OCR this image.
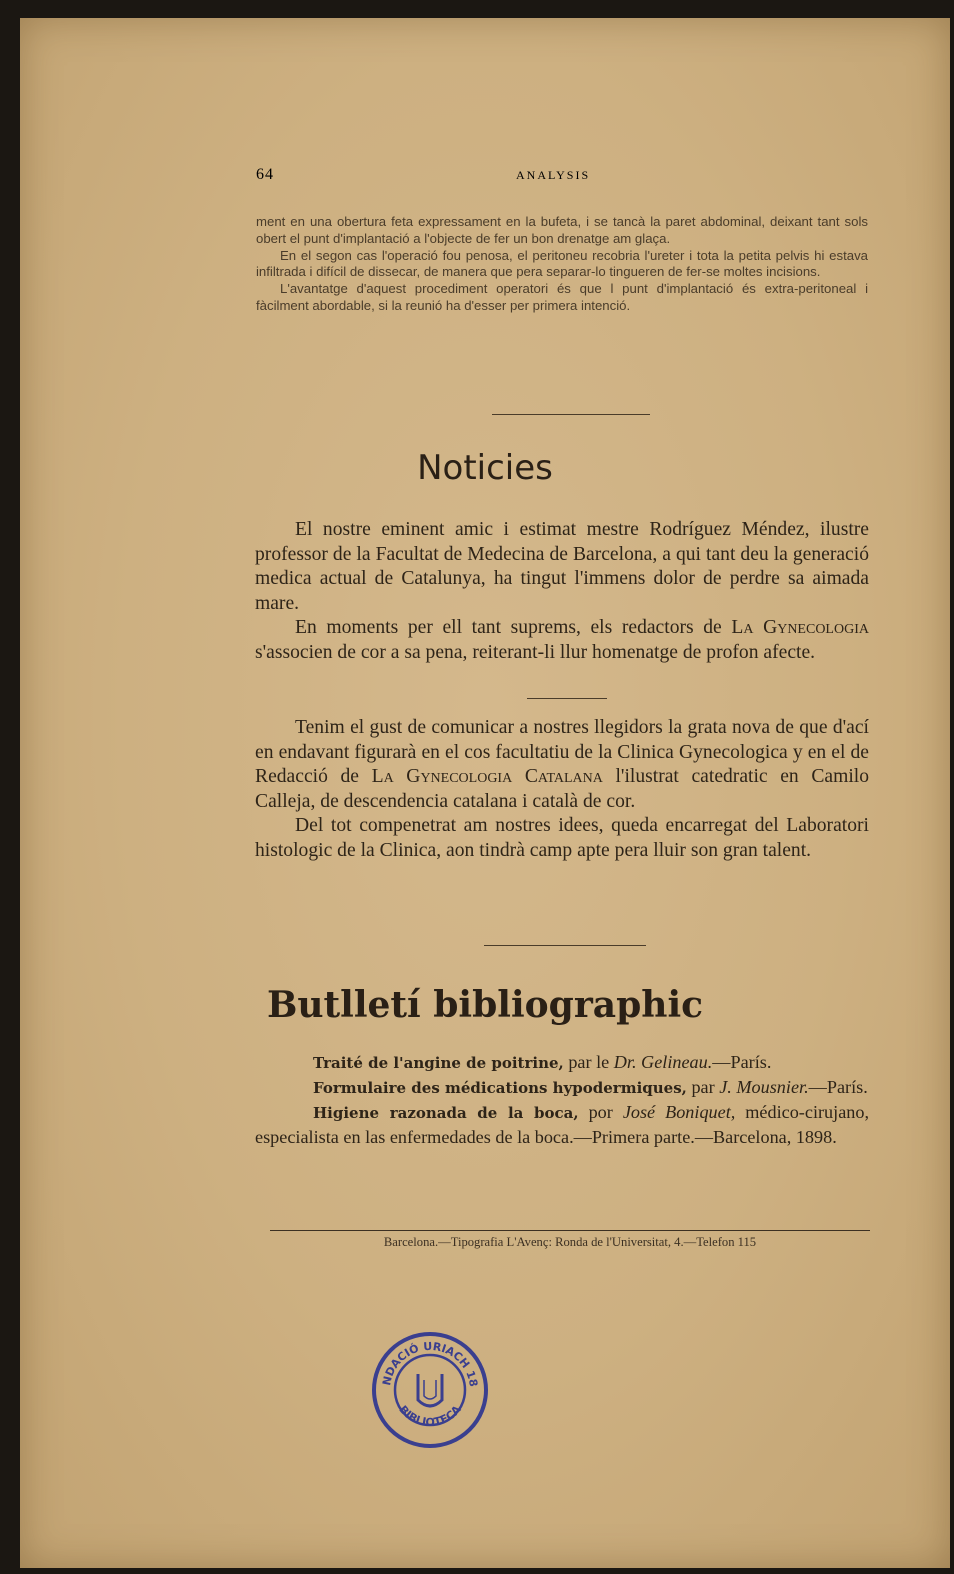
64	ANALYSIS

ment en una obertura feta expressament en la bufeta, i se tancà la paret abdominal, deixant tant sols obert el punt d'implantació a l'objecte de fer un bon drenatge am glaça.

En el segon cas l'operació fou penosa, el peritoneu recobria l'ureter i tota la petita pelvis hi estava infiltrada i difícil de dissecar, de manera que pera separar-lo tingueren de fer-se moltes incisions.

L'avantatge d'aquest procediment operatori és que l punt d'implantació és extra-peritoneal i fàcilment abordable, si la reunió ha d'esser per primera intenció.

Noticies

El nostre eminent amic i estimat mestre Rodríguez Méndez, ilustre professor de la Facultat de Medecina de Barcelona, a qui tant deu la generació medica actual de Catalunya, ha tingut l'immens dolor de perdre sa aimada mare.

En moments per ell tant suprems, els redactors de La Gynecologia s'associen de cor a sa pena, reiterant-li llur homenatge de profon afecte.

Tenim el gust de comunicar a nostres llegidors la grata nova de que d'ací en endavant figurarà en el cos facultatiu de la Clinica Gynecologica y en el de Redacció de La Gynecologia Catalana l'ilustrat catedratic en Camilo Calleja, de descendencia catalana i català de cor.

Del tot compenetrat am nostres idees, queda encarregat del Laboratori histologic de la Clinica, aon tindrà camp apte pera lluir son gran talent.

Butlletí bibliographic

Traité de l'angine de poitrine, par le Dr. Gelineau.—París.

Formulaire des médications hypodermiques, par J. Mousnier.—París.

Higiene razonada de la boca, por José Boniquet, médico-cirujano, especialista en las enfermedades de la boca.—Primera parte.—Barcelona, 1898.

Barcelona.—Tipografia L'Avenç: Ronda de l'Universitat, 4.—Telefon 115
NDACIÓ URIACH 18
BIBLIOTECA
